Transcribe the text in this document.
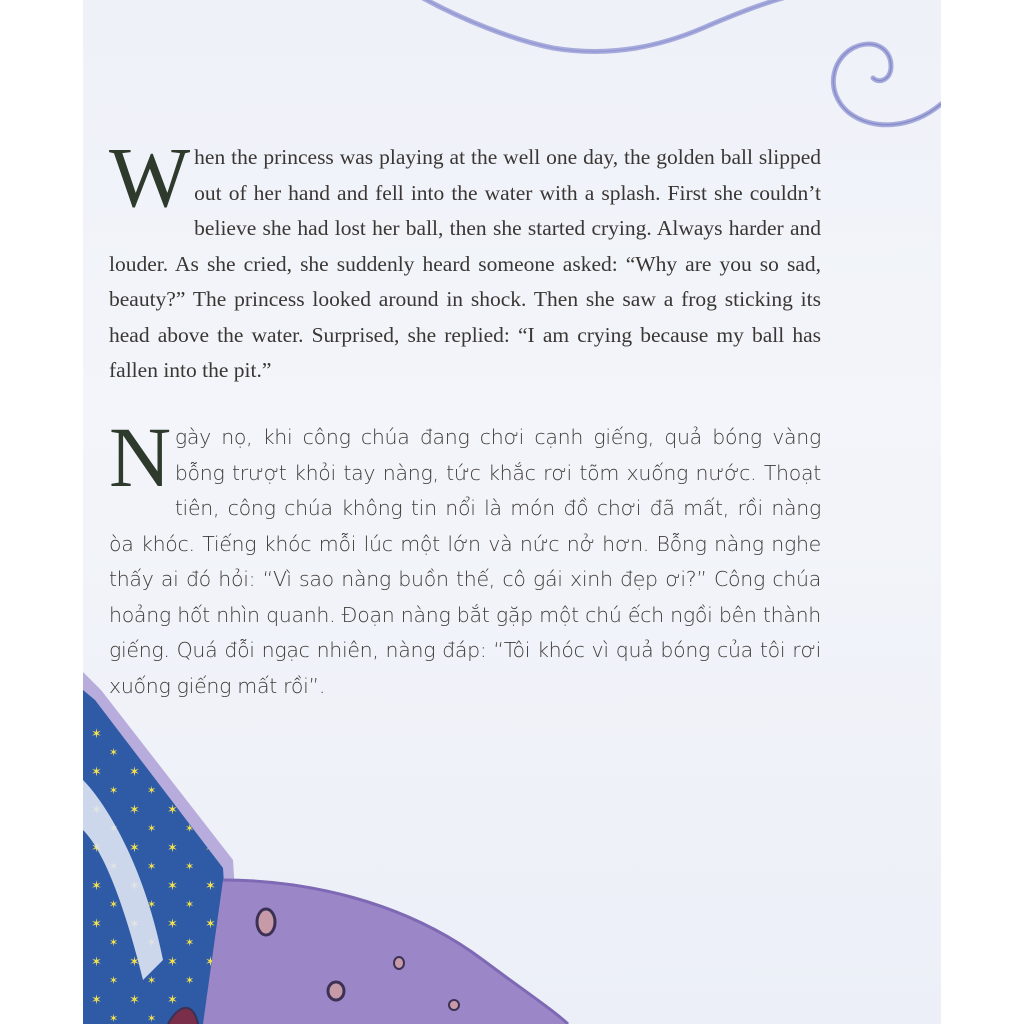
When the princess was playing at the well one day, the golden ball slipped out of her hand and fell into the water with a splash. First she couldn’t believe she had lost her ball, then she started crying. Always harder and louder. As she cried, she suddenly heard someone asked: “Why are you so sad, beauty?” The princess looked around in shock. Then she saw a frog sticking its head above the water. Surprised, she replied: “I am crying because my ball has fallen into the pit.”

Ngày nọ, khi công chúa đang chơi cạnh giếng, quả bóng vàng bỗng trượt khỏi tay nàng, tức khắc rơi tõm xuống nước. Thoạt tiên, công chúa không tin nổi là món đồ chơi đã mất, rồi nàng òa khóc. Tiếng khóc mỗi lúc một lớn và nức nở hơn. Bỗng nàng nghe thấy ai đó hỏi: “Vì sao nàng buồn thế, cô gái xinh đẹp ơi?” Công chúa hoảng hốt nhìn quanh. Đoạn nàng bắt gặp một chú ếch ngồi bên thành giếng. Quá đỗi ngạc nhiên, nàng đáp: “Tôi khóc vì quả bóng của tôi rơi xuống giếng mất rồi”.
